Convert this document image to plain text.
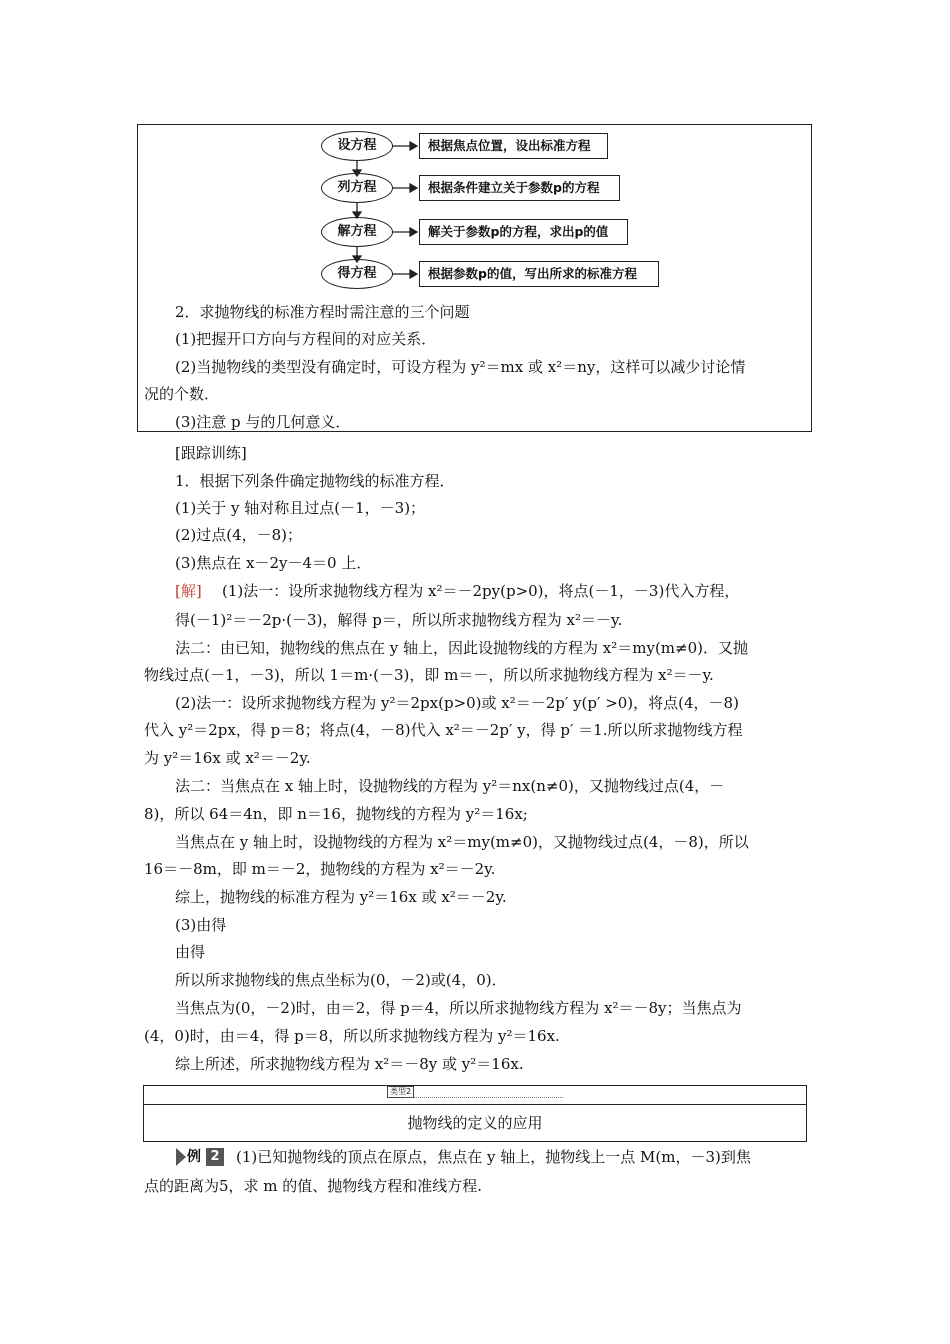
设方程	根据焦点位置，设出标准方程
列方程	根据条件建立关于参数p的方程
解方程	解关于参数p的方程，求出p的值
得方程	根据参数p的值，写出所求的标准方程
2．求抛物线的标准方程时需注意的三个问题
(1)把握开口方向与方程间的对应关系．
(2)当抛物线的类型没有确定时，可设方程为 y²＝mx 或 x²＝ny，这样可以减少讨论情
况的个数．
(3)注意 p 与的几何意义．
[跟踪训练]
1．根据下列条件确定抛物线的标准方程．
(1)关于 y 轴对称且过点(－1，－3)；
(2)过点(4，－8)；
(3)焦点在 x－2y－4＝0 上．
[解] (1)法一：设所求抛物线方程为 x²＝－2py(p>0)，将点(－1，－3)代入方程，
得(－1)²＝－2p·(－3)，解得 p＝，所以所求抛物线方程为 x²＝－y.
法二：由已知，抛物线的焦点在 y 轴上，因此设抛物线的方程为 x²＝my(m≠0)．又抛
物线过点(－1，－3)，所以 1＝m·(－3)，即 m＝－，所以所求抛物线方程为 x²＝－y.
(2)法一：设所求抛物线方程为 y²＝2px(p>0)或 x²＝－2p′ y(p′ >0)，将点(4，－8)
代入 y²＝2px，得 p＝8；将点(4，－8)代入 x²＝－2p′ y，得 p′ ＝1.所以所求抛物线方程
为 y²＝16x 或 x²＝－2y.
法二：当焦点在 x 轴上时，设抛物线的方程为 y²＝nx(n≠0)，又抛物线过点(4，－
8)，所以 64＝4n，即 n＝16，抛物线的方程为 y²＝16x;
当焦点在 y 轴上时，设抛物线的方程为 x²＝my(m≠0)，又抛物线过点(4，－8)，所以
16＝－8m，即 m＝－2，抛物线的方程为 x²＝－2y.
综上，抛物线的标准方程为 y²＝16x 或 x²＝－2y.
(3)由得
由得
所以所求抛物线的焦点坐标为(0，－2)或(4，0)．
当焦点为(0，－2)时，由＝2，得 p＝4，所以所求抛物线方程为 x²＝－8y；当焦点为
(4，0)时，由＝4，得 p＝8，所以所求抛物线方程为 y²＝16x.
综上所述，所求抛物线方程为 x²＝－8y 或 y²＝16x.
类型2
抛物线的定义的应用
例 2 (1)已知抛物线的顶点在原点，焦点在 y 轴上，抛物线上一点 M(m，－3)到焦
点的距离为5，求 m 的值、抛物线方程和准线方程.
